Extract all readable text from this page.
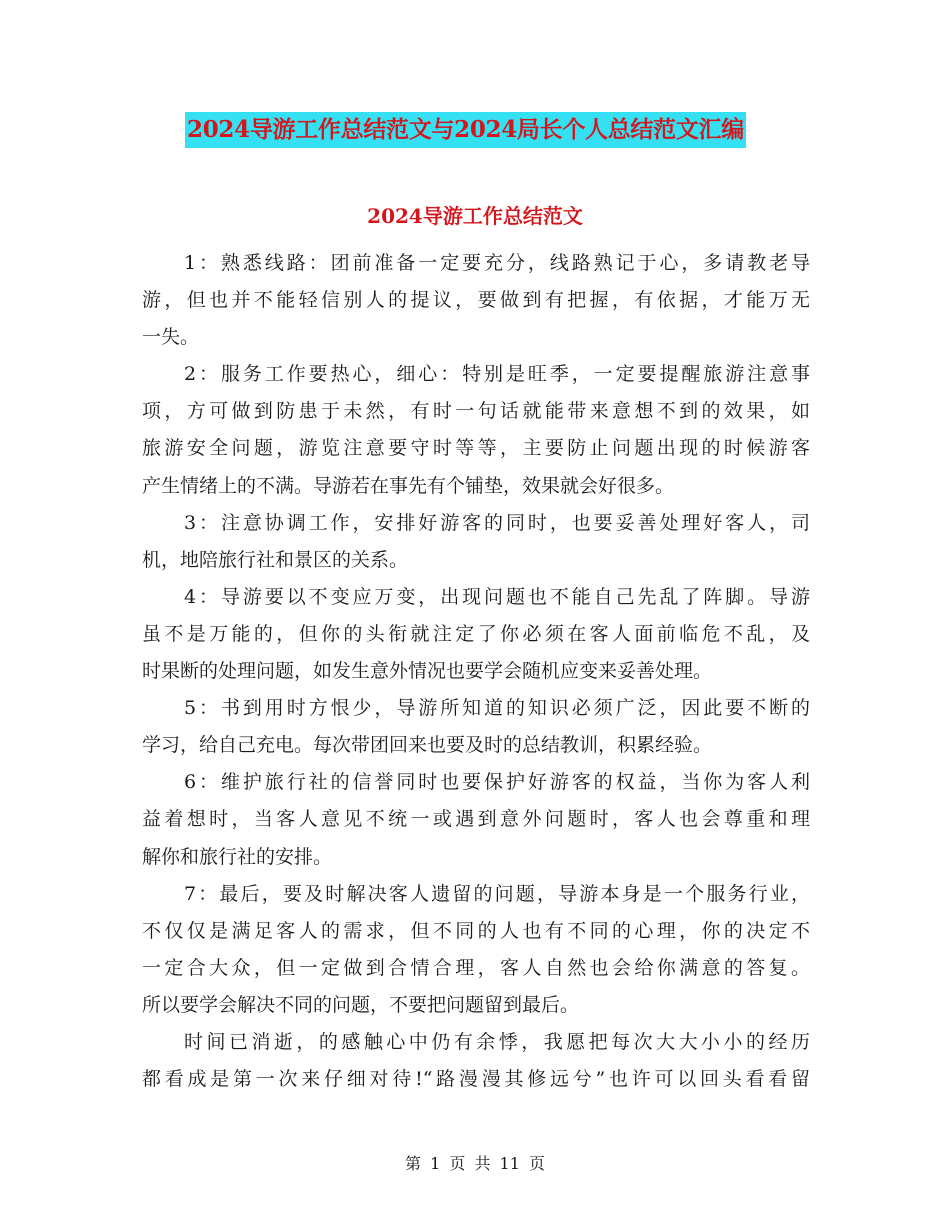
2024导游工作总结范文与2024局长个人总结范文汇编
2024导游工作总结范文
1：熟悉线路：团前准备一定要充分，线路熟记于心，多请教老导
游，但也并不能轻信别人的提议，要做到有把握，有依据，才能万无
一失。
2：服务工作要热心，细心：特别是旺季，一定要提醒旅游注意事
项，方可做到防患于未然，有时一句话就能带来意想不到的效果，如
旅游安全问题，游览注意要守时等等，主要防止问题出现的时候游客
产生情绪上的不满。导游若在事先有个铺垫，效果就会好很多。
3：注意协调工作，安排好游客的同时，也要妥善处理好客人，司
机，地陪旅行社和景区的关系。
4：导游要以不变应万变，出现问题也不能自己先乱了阵脚。导游
虽不是万能的，但你的头衔就注定了你必须在客人面前临危不乱，及
时果断的处理问题，如发生意外情况也要学会随机应变来妥善处理。
5：书到用时方恨少，导游所知道的知识必须广泛，因此要不断的
学习，给自己充电。每次带团回来也要及时的总结教训，积累经验。
6：维护旅行社的信誉同时也要保护好游客的权益，当你为客人利
益着想时，当客人意见不统一或遇到意外问题时，客人也会尊重和理
解你和旅行社的安排。
7：最后，要及时解决客人遗留的问题，导游本身是一个服务行业，
不仅仅是满足客人的需求，但不同的人也有不同的心理，你的决定不
一定合大众，但一定做到合情合理，客人自然也会给你满意的答复。
所以要学会解决不同的问题，不要把问题留到最后。
时间已消逝，的感触心中仍有余悸，我愿把每次大大小小的经历
都看成是第一次来仔细对待!“路漫漫其修远兮”也许可以回头看看留
第 1 页 共 11 页
